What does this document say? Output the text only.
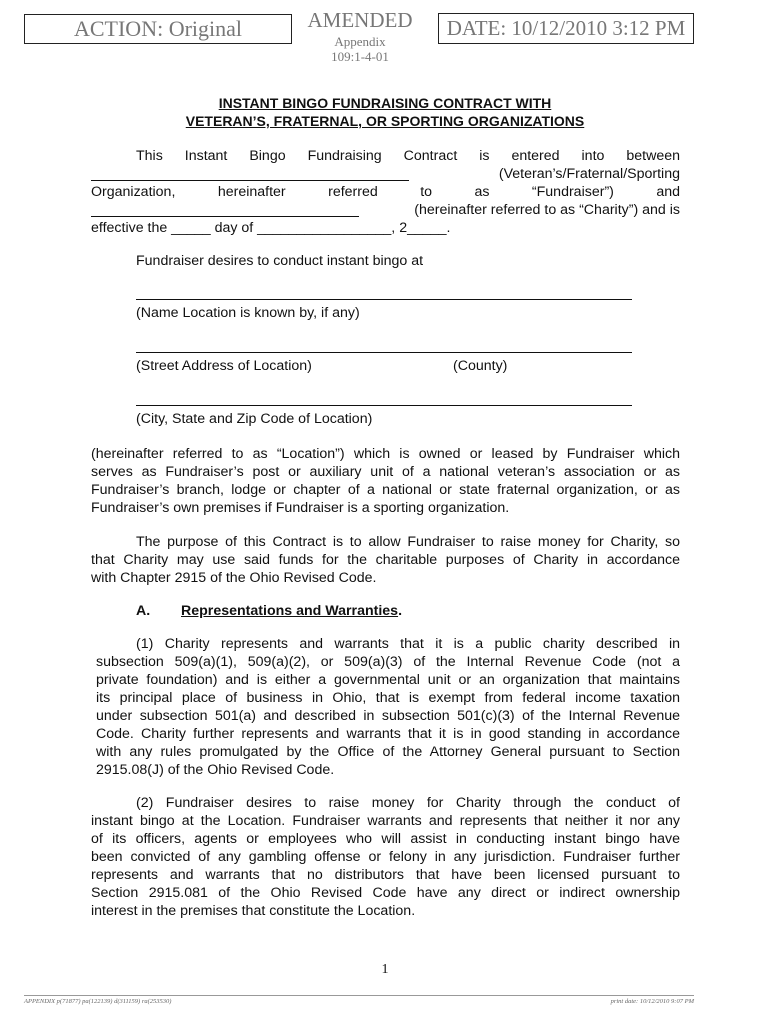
ACTION: Original	AMENDED
Appendix
109:1-4-01
DATE: 10/12/2010 3:12 PM
INSTANT BINGO FUNDRAISING CONTRACT WITH
VETERAN’S, FRATERNAL, OR SPORTING ORGANIZATIONS
This Instant Bingo Fundraising Contract is entered into between
(Veteran’s/Fraternal/Sporting
Organization, hereinafter referred to as “Fundraiser”) and
(hereinafter referred to as “Charity”) and is
effective the _____ day of _________________, 2_____.
Fundraiser desires to conduct instant bingo at
(Name Location is known by, if any)
(Street Address of Location)	(County)
(City, State and Zip Code of Location)
(hereinafter referred to as “Location”) which is owned or leased by Fundraiser which
serves as Fundraiser’s post or auxiliary unit of a national veteran’s association or as
Fundraiser’s branch, lodge or chapter of a national or state fraternal organization, or as
Fundraiser’s own premises if Fundraiser is a sporting organization.
The purpose of this Contract is to allow Fundraiser to raise money for Charity, so
that Charity may use said funds for the charitable purposes of Charity in accordance
with Chapter 2915 of the Ohio Revised Code.
A. Representations and Warranties.
(1) Charity represents and warrants that it is a public charity described in
subsection 509(a)(1), 509(a)(2), or 509(a)(3) of the Internal Revenue Code (not a
private foundation) and is either a governmental unit or an organization that maintains
its principal place of business in Ohio, that is exempt from federal income taxation
under subsection 501(a) and described in subsection 501(c)(3) of the Internal Revenue
Code. Charity further represents and warrants that it is in good standing in accordance
with any rules promulgated by the Office of the Attorney General pursuant to Section
2915.08(J) of the Ohio Revised Code.
(2) Fundraiser desires to raise money for Charity through the conduct of
instant bingo at the Location. Fundraiser warrants and represents that neither it nor any
of its officers, agents or employees who will assist in conducting instant bingo have
been convicted of any gambling offense or felony in any jurisdiction. Fundraiser further
represents and warrants that no distributors that have been licensed pursuant to
Section 2915.081 of the Ohio Revised Code have any direct or indirect ownership
interest in the premises that constitute the Location.
1
APPENDIX p(71877) pa(122139) d(311159) ra(253530)	print date: 10/12/2010 9:07 PM
